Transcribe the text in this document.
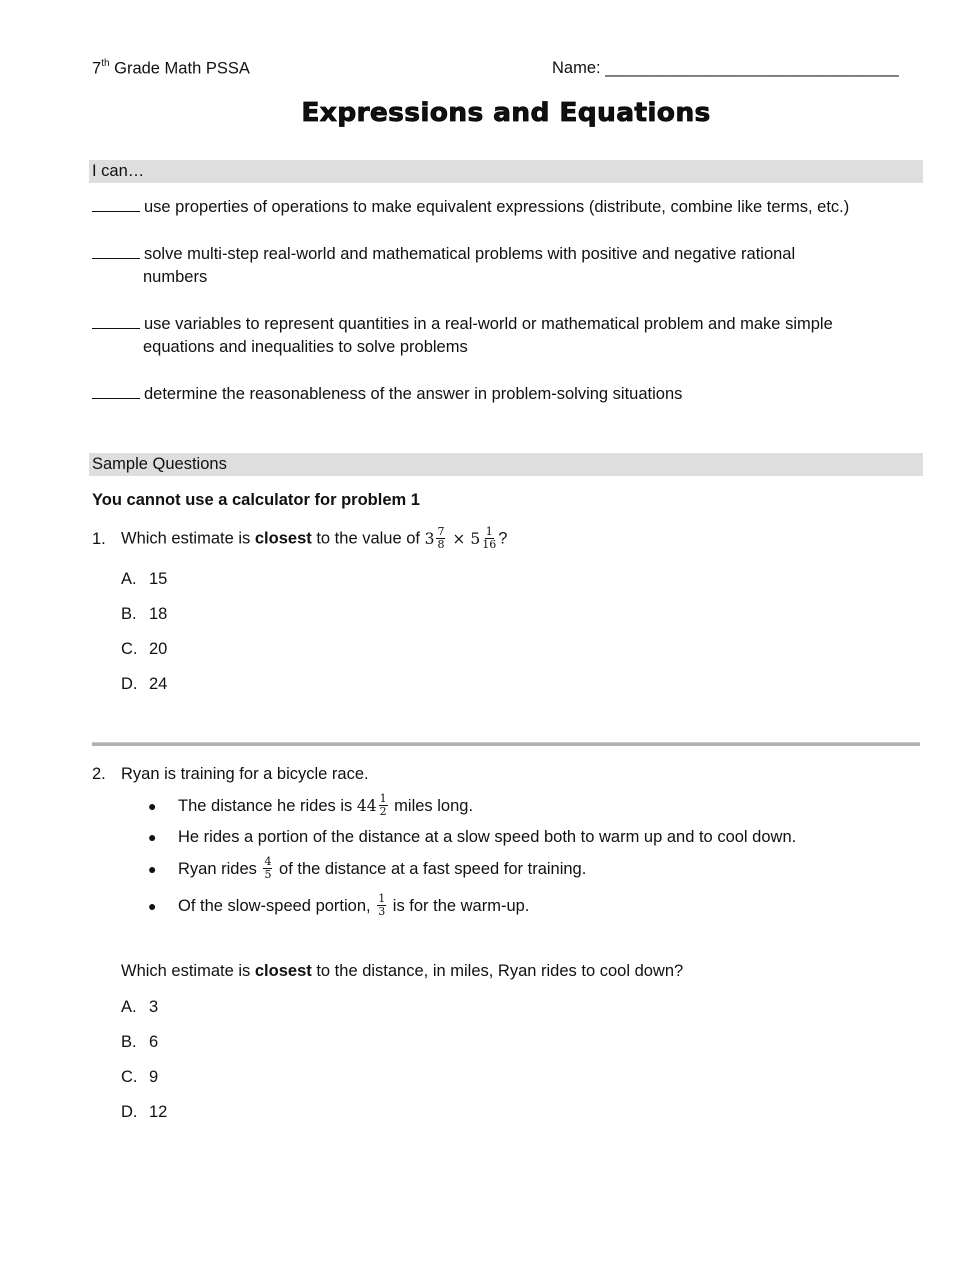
7th Grade Math PSSA	Name: ________________________________
Expressions and Equations
I can…
use properties of operations to make equivalent expressions (distribute, combine like terms, etc.)
solve multi-step real-world and mathematical problems with positive and negative rational
numbers
use variables to represent quantities in a real-world or mathematical problem and make simple
equations and inequalities to solve problems
determine the reasonableness of the answer in problem-solving situations
Sample Questions
You cannot use a calculator for problem 1
1. Which estimate is closest to the value of $3 \frac{7}{8} \times 5 \frac{1}{16}$ ?
A. 15
B. 18
C. 20
D. 24
2. Ryan is training for a bicycle race.
● The distance he rides is $44 \frac{1}{2}$ miles long.
● He rides a portion of the distance at a slow speed both to warm up and to cool down.
● Ryan rides $\frac{4}{5}$ of the distance at a fast speed for training.
● Of the slow-speed portion, $\frac{1}{3}$ is for the warm-up.
Which estimate is closest to the distance, in miles, Ryan rides to cool down?
A. 3
B. 6
C. 9
D. 12
